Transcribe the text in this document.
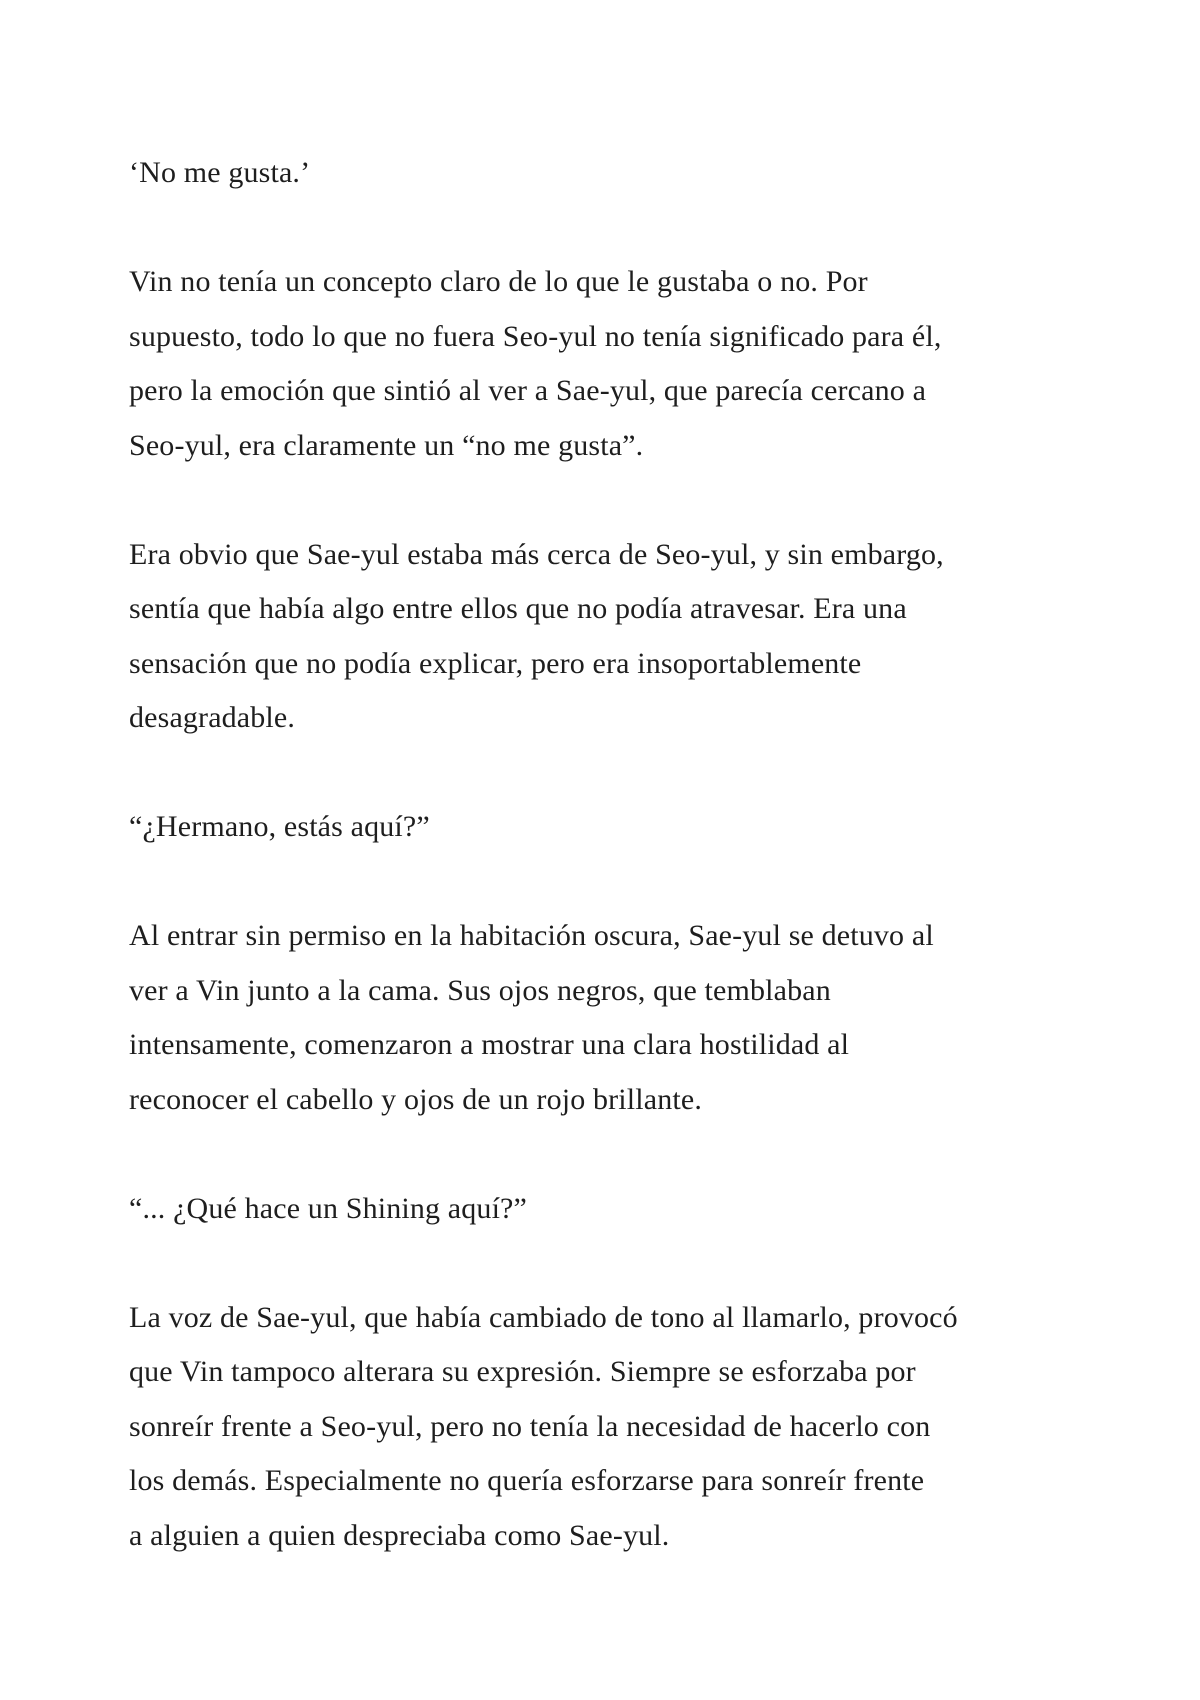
‘No me gusta.’

Vin no tenía un concepto claro de lo que le gustaba o no. Por
supuesto, todo lo que no fuera Seo-yul no tenía significado para él,
pero la emoción que sintió al ver a Sae-yul, que parecía cercano a
Seo-yul, era claramente un “no me gusta”.

Era obvio que Sae-yul estaba más cerca de Seo-yul, y sin embargo,
sentía que había algo entre ellos que no podía atravesar. Era una
sensación que no podía explicar, pero era insoportablemente
desagradable.

“¿Hermano, estás aquí?”

Al entrar sin permiso en la habitación oscura, Sae-yul se detuvo al
ver a Vin junto a la cama. Sus ojos negros, que temblaban
intensamente, comenzaron a mostrar una clara hostilidad al
reconocer el cabello y ojos de un rojo brillante.

“... ¿Qué hace un Shining aquí?”

La voz de Sae-yul, que había cambiado de tono al llamarlo, provocó
que Vin tampoco alterara su expresión. Siempre se esforzaba por
sonreír frente a Seo-yul, pero no tenía la necesidad de hacerlo con
los demás. Especialmente no quería esforzarse para sonreír frente
a alguien a quien despreciaba como Sae-yul.
